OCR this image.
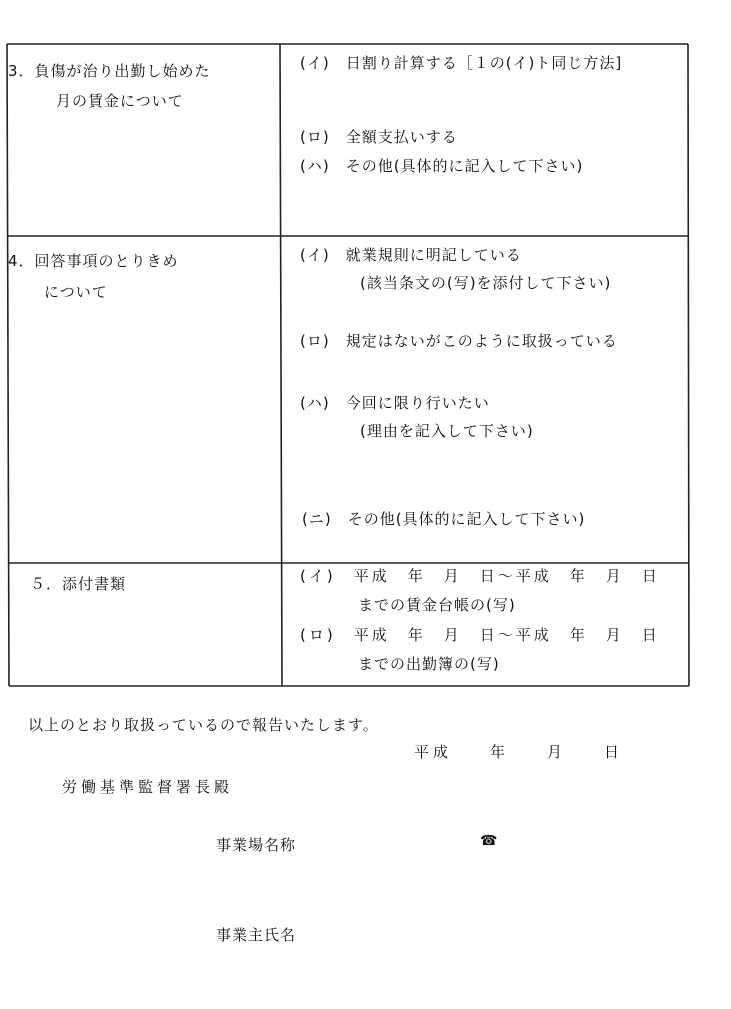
3．負傷が治り出勤し始めた
月の賃金について
(イ)　日割り計算する［１の(イ)ト同じ方法]
(ロ)　全額支払いする
(ハ)　その他(具体的に記入して下さい)
4．回答事項のとりきめ
について
(イ)　就業規則に明記している
(該当条文の(写)を添付して下さい)
(ロ)　規定はないがこのように取扱っている
(ハ)　今回に限り行いたい
(理由を記入して下さい)
(ニ)　その他(具体的に記入して下さい)
５．添付書類	(イ)　平成　年　月　日～平成　年　月　日
までの賃金台帳の(写)
(ロ)　平成　年　月　日～平成　年　月　日
までの出勤簿の(写)
以上のとおり取扱っているので報告いたします。
平成　　年　　月　　日
労働基準監督署長殿
事業場名称	☎
事業主氏名
